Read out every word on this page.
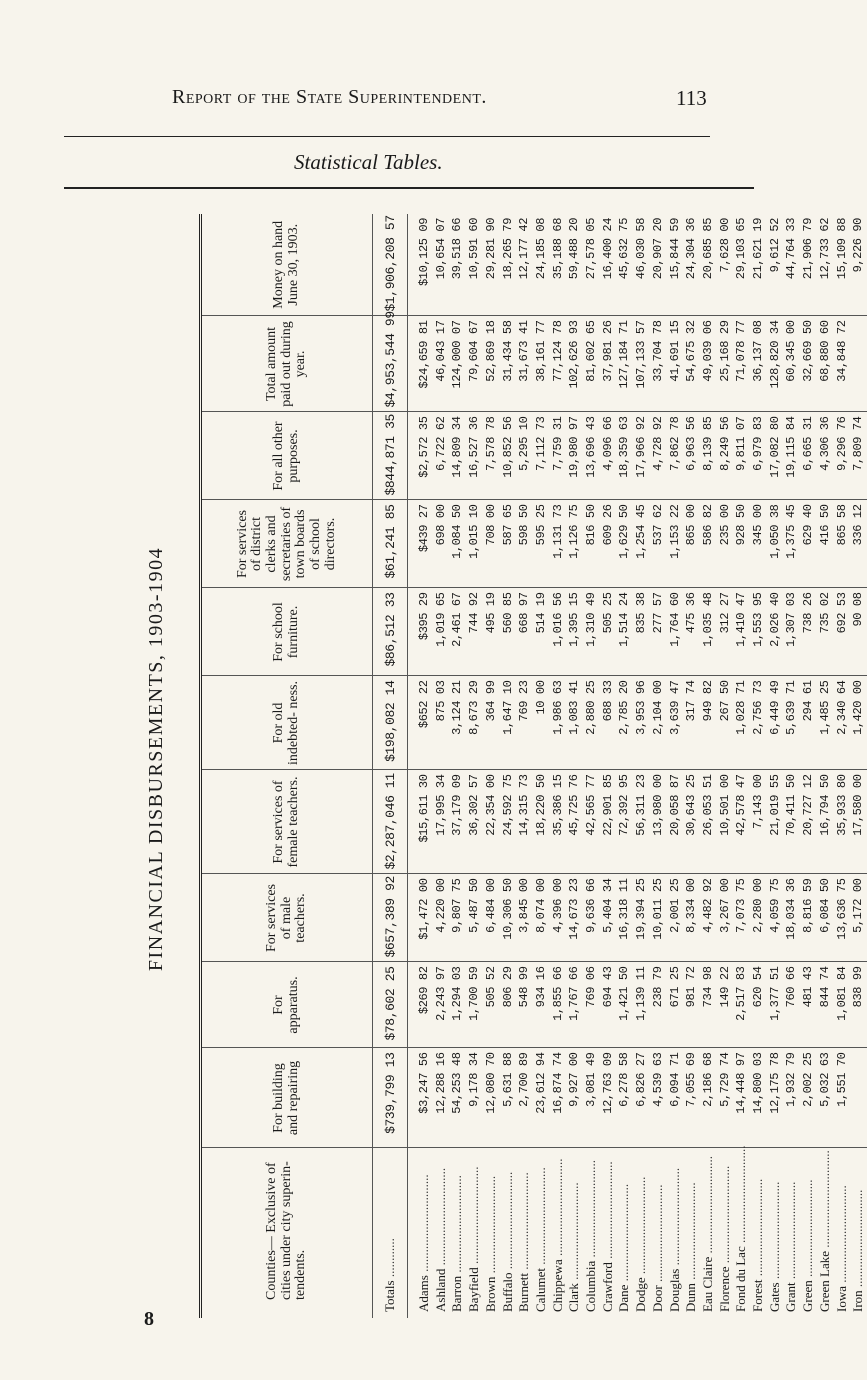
Report of the State Superintendent.	113
Statistical Tables.
FINANCIAL DISBURSEMENTS, 1903-1904
Counties— Exclusive of cities under city superin- tendents.	For building and repairing	For apparatus.	For services of male teachers.	For services of female teachers.	For old indebted- ness.	For school furniture.	For services of district clerks and secretaries of town boards of school directors.	For all other purposes.	Total amount paid out during year.	Money on hand June 30, 1903.
Totals ............	$739,799 13	$78,602 25	$657,389 92	$2,287,046 11	$198,082 14	$86,512 33	$61,241 85	$844,871 35	$4,953,544 99	$1,906,208 57

Adams ..............................	$3,247 56	$269 82	$1,472 00	$15,611 30	$652 22	$395 29	$439 27	$2,572 35	$24,659 81	$10,125 09
Ashland ..............................	12,288 16	2,243 97	4,220 00	17,995 34	875 03	1,019 65	698 00	6,722 62	46,043 17	10,654 07
Barron ..............................	54,253 48	1,294 03	9,807 75	37,179 09	3,124 21	2,461 67	1,084 50	14,809 34	124,000 07	39,518 66
Bayfield ..............................	9,178 34	1,700 59	5,487 50	36,302 57	8,673 29	744 92	1,015 10	16,527 36	79,604 67	10,591 60
Brown ..............................	12,080 70	505 52	6,484 00	22,354 00	364 99	495 19	708 00	7,578 78	52,869 18	29,281 90
Buffalo ..............................	5,631 88	806 29	10,306 50	24,592 75	1,647 10	560 85	587 65	10,852 56	31,434 58	18,265 79
Burnett ..............................	2,700 89	548 99	3,845 00	14,315 73	769 23	668 97	598 50	5,295 10	31,673 41	12,177 42
Calumet ..............................	23,612 94	934 16	8,074 00	18,220 50	10 00	514 19	595 25	7,112 73	38,161 77	24,185 08
Chippewa ..............................	16,874 74	1,855 66	4,396 00	35,386 15	1,986 63	1,016 56	1,131 73	7,759 31	77,124 78	35,188 68
Clark ..............................	9,927 00	1,767 66	14,673 23	45,725 76	1,083 41	1,395 15	1,126 75	19,980 97	102,626 93	59,488 20
Columbia ..............................	3,081 49	769 06	9,636 66	42,565 77	2,880 25	1,310 49	816 50	13,696 43	81,602 65	27,578 05
Crawford ..............................	12,763 09	694 43	5,404 34	22,901 85	688 33	505 25	609 26	4,096 66	37,981 26	16,400 24
Dane ..............................	6,278 58	1,421 50	16,318 11	72,392 95	2,785 20	1,514 24	1,629 50	18,359 63	127,184 71	45,632 75
Dodge ..............................	6,826 27	1,139 11	19,394 25	56,311 23	3,953 96	835 38	1,254 45	17,966 92	107,133 57	46,030 58
Door ..............................	4,539 63	238 79	10,011 25	13,980 00	2,104 00	277 57	537 62	4,728 92	33,704 78	20,907 20
Douglas ..............................	6,094 71	671 25	2,001 25	20,058 87	3,639 47	1,764 60	1,153 22	7,862 78	41,691 15	15,844 59
Dunn ..............................	7,055 69	981 72	8,334 00	30,643 25	317 74	475 36	865 00	6,963 56	54,675 32	24,304 36
Eau Claire ..............................	2,186 68	734 98	4,482 92	26,053 51	949 82	1,035 48	586 82	8,139 85	49,039 06	20,685 85
Florence ..............................	5,729 74	149 22	3,267 00	10,501 00	267 50	312 27	235 00	8,249 56	25,168 29	7,628 00
Fond du Lac ..............................	14,448 97	2,517 83	7,073 75	42,578 47	1,028 71	1,410 47	928 50	9,811 07	71,078 77	29,103 65
Forest ..............................	14,800 03	620 54	2,280 00	7,143 00	2,756 73	1,553 95	345 00	6,979 83	36,137 08	21,621 19
Gates ..............................	12,175 78	1,377 51	4,059 75	21,019 55	6,449 49	2,026 40	1,050 38	17,082 80	128,820 34	9,612 52
Grant ..............................	1,932 79	760 66	18,034 36	70,411 50	5,639 71	1,307 03	1,375 45	19,115 84	60,345 00	44,764 33
Green ..............................	2,002 25	481 43	8,816 59	20,727 12	294 61	738 26	629 40	6,665 31	32,669 50	21,906 79
Green Lake ..............................	5,032 63	844 74	6,084 50	16,794 50	1,485 25	735 02	416 50	4,306 36	68,880 60	12,733 62
Iowa ..............................	1,551 70	1,081 84	13,636 75	35,933 80	2,340 64	692 53	865 58	9,296 76	34,848 72	15,109 88
Iron ..............................		838 99	5,172 00	17,580 00	1,420 00	90 08	336 12	7,809 74		9,226 90
8
